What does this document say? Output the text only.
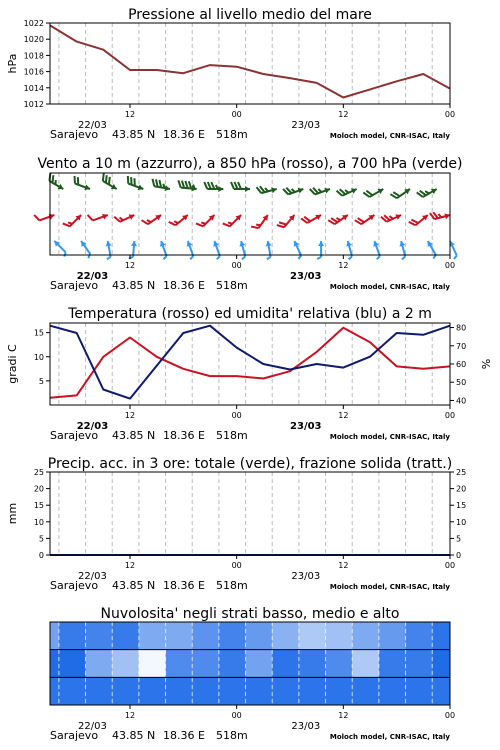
Pressione al livello medio del mare
1012
1014
1016
1018
1020
1022
hPa
12	00	12	00
22/03	23/03
Sarajevo 43.85 N 18.36 E 518m	Moloch model, CNR-ISAC, Italy
Vento a 10 m (azzurro), a 850 hPa (rosso), a 700 hPa (verde)
12	00	12	00
22/03	23/03
Sarajevo 43.85 N 18.36 E 518m	Moloch model, CNR-ISAC, Italy
Temperatura (rosso) ed umidita' relativa (blu) a 2 m
5
10
15
40
50
60
70
80
gradi C	%
12	00	12	00
22/03	23/03
Sarajevo 43.85 N 18.36 E 518m	Moloch model, CNR-ISAC, Italy
Precip. acc. in 3 ore: totale (verde), frazione solida (tratt.)
0
5
10
15
20
25
0
5
10
15
20
25
mm
12	00	12	00
22/03	23/03
Sarajevo 43.85 N 18.36 E 518m	Moloch model, CNR-ISAC, Italy
Nuvolosita' negli strati basso, medio e alto
12	00	12	00
22/03	23/03
Sarajevo 43.85 N 18.36 E 518m	Moloch model, CNR-ISAC, Italy
